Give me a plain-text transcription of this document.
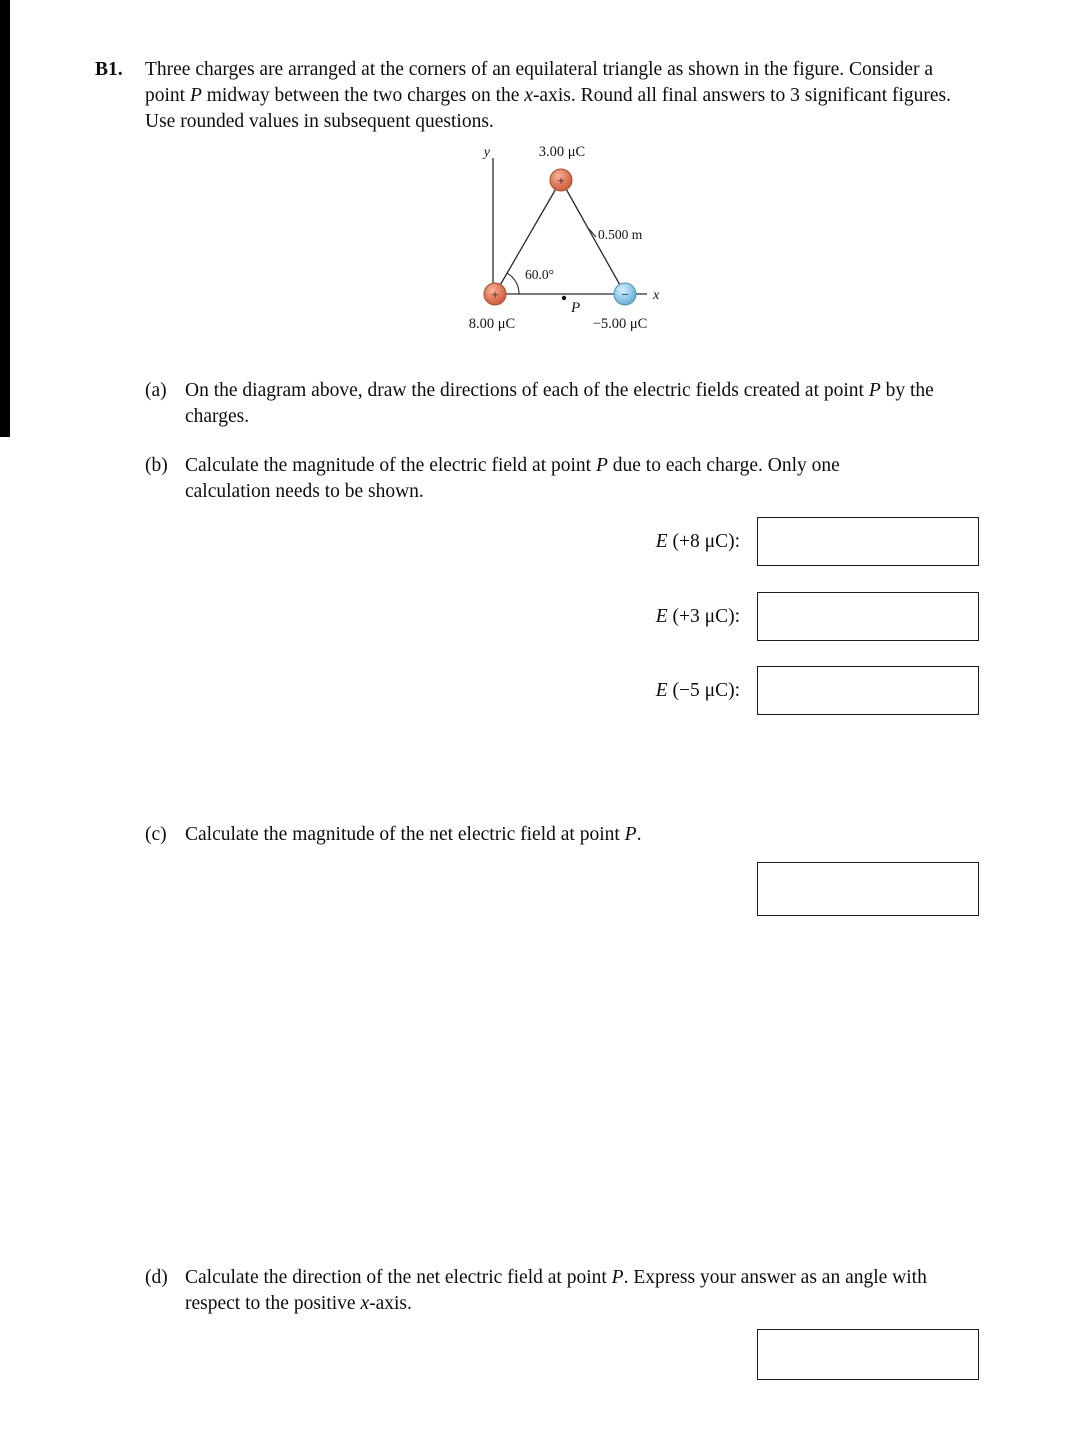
B1. Three charges are arranged at the corners of an equilateral triangle as shown in the figure. Consider a point P midway between the two charges on the x-axis. Round all final answers to 3 significant figures. Use rounded values in subsequent questions.
+
+	−
y
x
3.00 μC
8.00 μC	−5.00 μC
0.500 m
60.0°
P
(a) On the diagram above, draw the directions of each of the electric fields created at point P by the charges.
(b) Calculate the magnitude of the electric field at point P due to each charge. Only one calculation needs to be shown.
E (+8 μC):
E (+3 μC):
E (−5 μC):
(c) Calculate the magnitude of the net electric field at point P.
(d) Calculate the direction of the net electric field at point P. Express your answer as an angle with respect to the positive x-axis.
